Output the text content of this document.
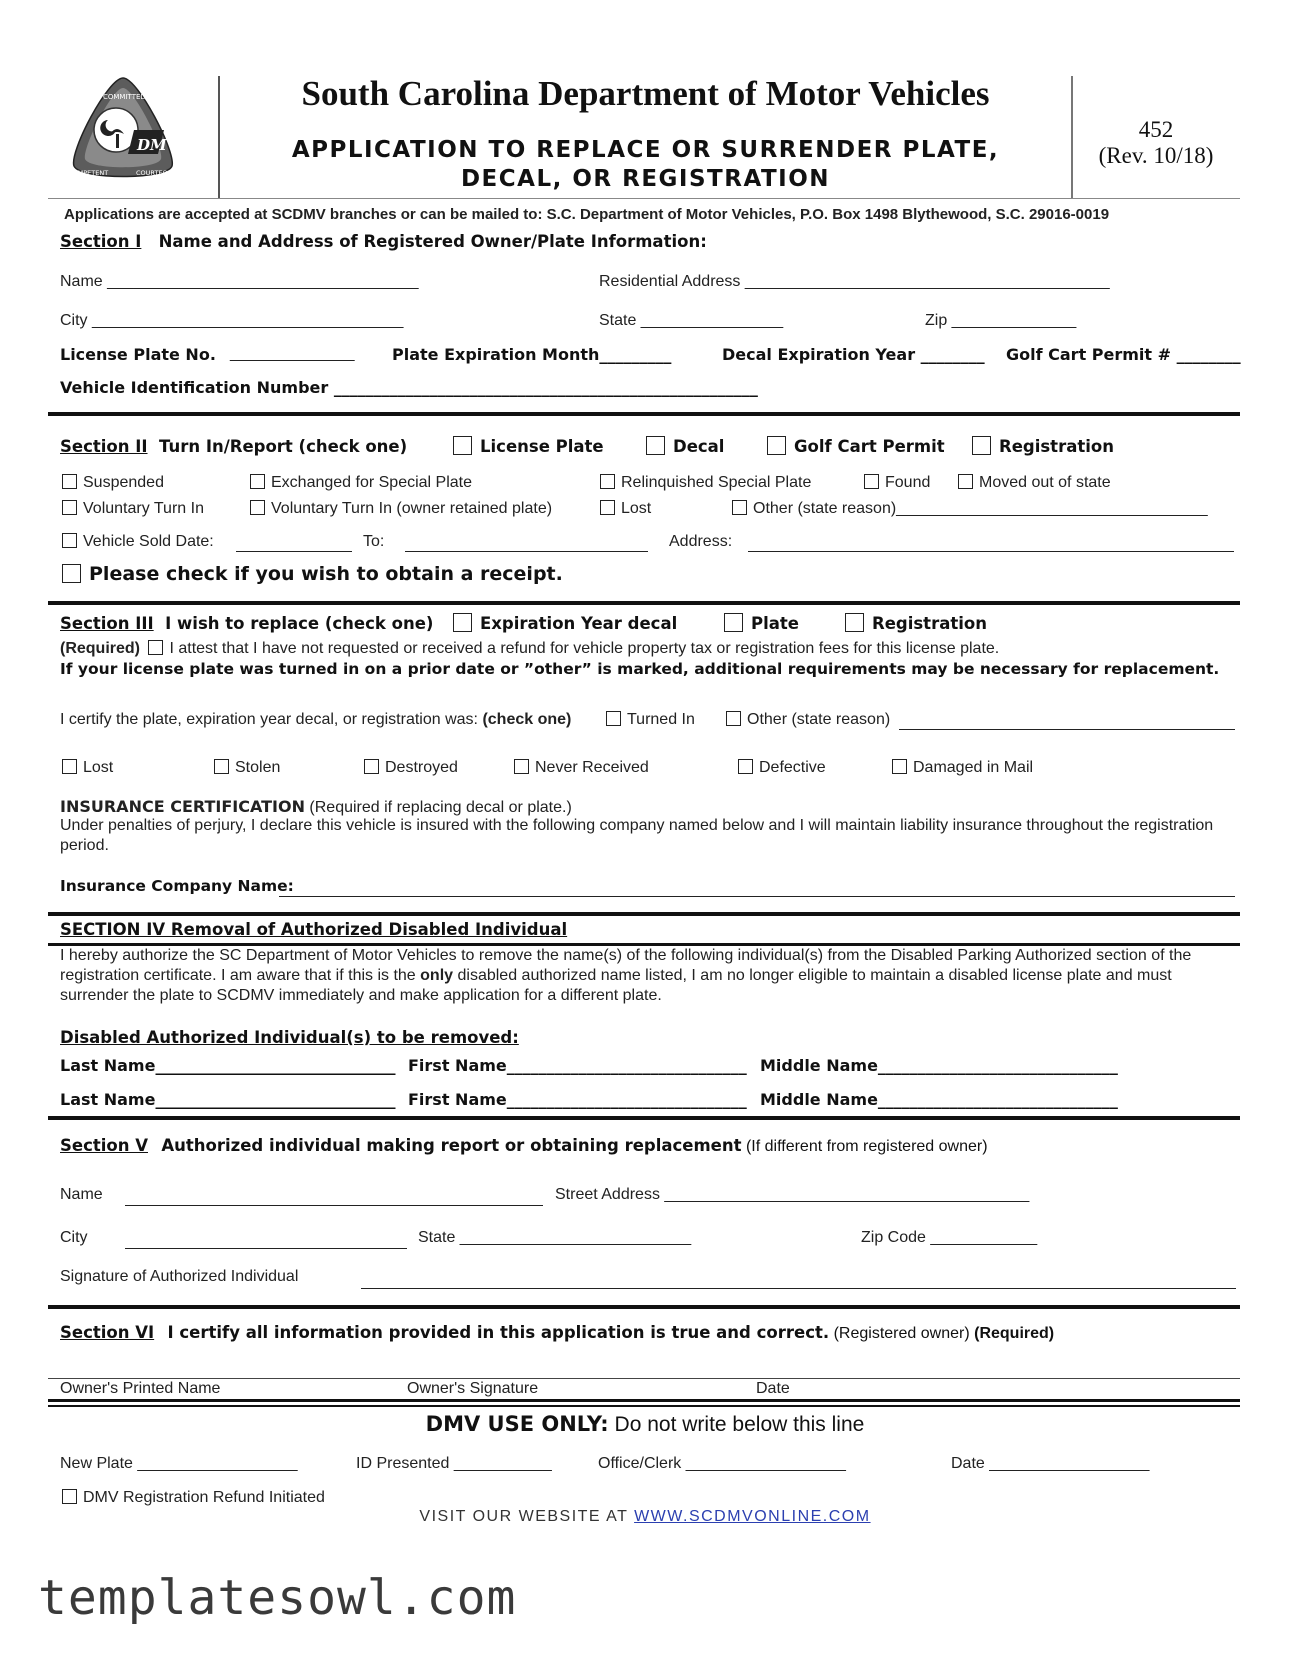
DMV
COMMITTED
COMPETENT	COURTEOUS
South Carolina Department of Motor Vehicles
APPLICATION TO REPLACE OR SURRENDER PLATE,
DECAL, OR REGISTRATION
452
(Rev. 10/18)
Applications are accepted at SCDMV branches or can be mailed to: S.C. Department of Motor Vehicles, P.O. Box 1498 Blythewood, S.C. 29016-0019
Section I Name and Address of Registered Owner/Plate Information:
Name ___________________________________	Residential Address _________________________________________
City ___________________________________	State ________________	Zip ______________
License Plate No. ______________ Plate Expiration Month_________	Decal Expiration Year ________ Golf Cart Permit # ________
Vehicle Identification Number _____________________________________________________
Section II Turn In/Report (check one)	License Plate	Decal	Golf Cart Permit	Registration
Suspended	Exchanged for Special Plate	Relinquished Special Plate	Found	Moved out of state
Voluntary Turn In	Voluntary Turn In (owner retained plate)	Lost	Other (state reason)___________________________________
Vehicle Sold Date:	To:	Address:
Please check if you wish to obtain a receipt.
Section III I wish to replace (check one)	Expiration Year decal	Plate	Registration
(Required) I attest that I have not requested or received a refund for vehicle property tax or registration fees for this license plate.
If your license plate was turned in on a prior date or ”other” is marked, additional requirements may be necessary for replacement.
I certify the plate, expiration year decal, or registration was: (check one)	Turned In	Other (state reason)
Lost	Stolen	Destroyed	Never Received	Defective	Damaged in Mail
INSURANCE CERTIFICATION (Required if replacing decal or plate.)
Under penalties of perjury, I declare this vehicle is insured with the following company named below and I will maintain liability insurance throughout the registration period.
Insurance Company Name:
SECTION IV Removal of Authorized Disabled Individual
I hereby authorize the SC Department of Motor Vehicles to remove the name(s) of the following individual(s) from the Disabled Parking Authorized section of the registration certificate. I am aware that if this is the only disabled authorized name listed, I am no longer eligible to maintain a disabled license plate and must surrender the plate to SCDMV immediately and make application for a different plate.
Disabled Authorized Individual(s) to be removed:
Last Name______________________________ First Name______________________________ Middle Name______________________________
Last Name______________________________ First Name______________________________ Middle Name______________________________
Section V Authorized individual making report or obtaining replacement (If different from registered owner)
Name	Street Address _________________________________________
City	State __________________________	Zip Code ____________
Signature of Authorized Individual
Section VI I certify all information provided in this application is true and correct. (Registered owner) (Required)
Owner's Printed Name	Owner's Signature	Date
DMV USE ONLY: Do not write below this line
New Plate __________________	ID Presented ___________	Office/Clerk __________________	Date __________________
DMV Registration Refund Initiated
VISIT OUR WEBSITE AT WWW.SCDMVONLINE.COM
templatesowl.com
